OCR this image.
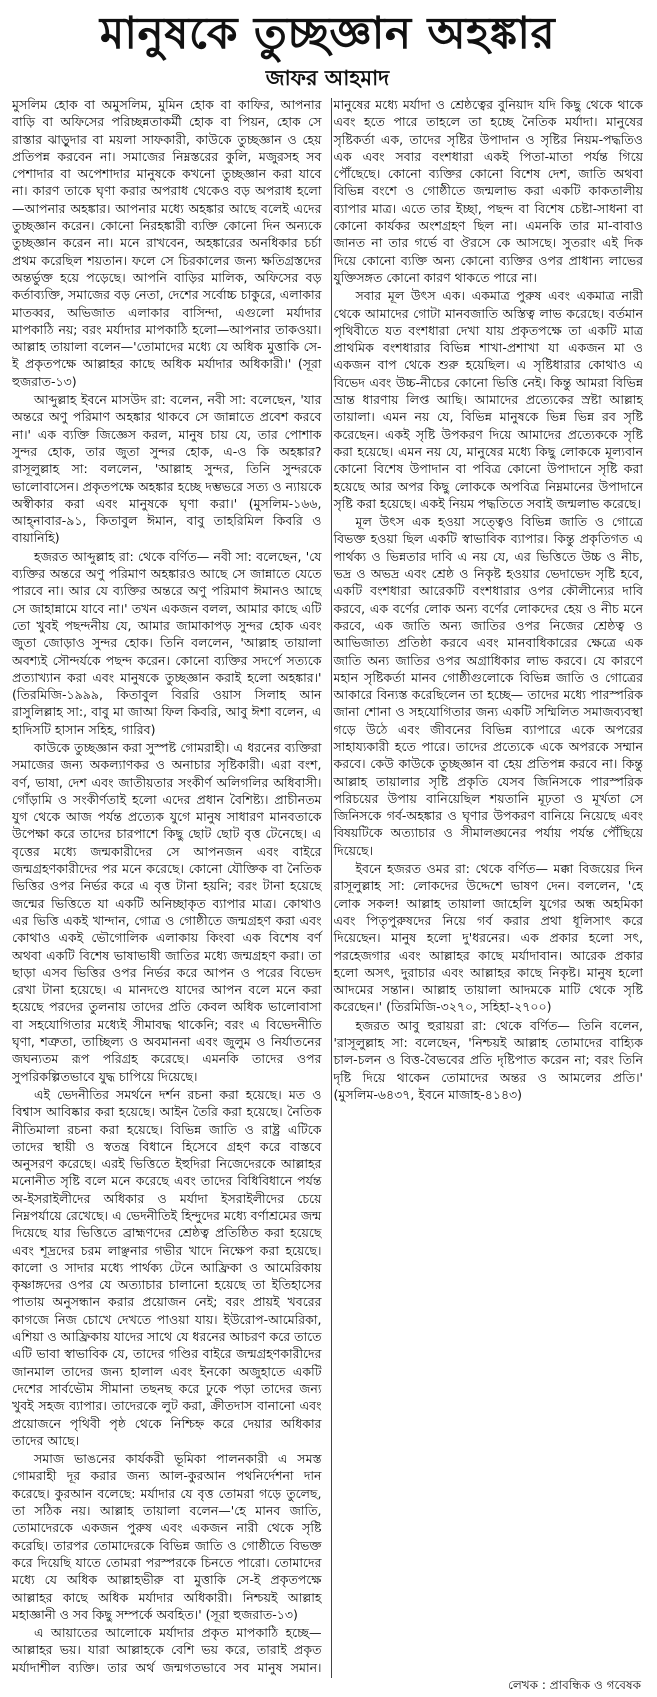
মানুষকে তুচ্ছজ্ঞান অহঙ্কার
জাফর আহমাদ

মুসলিম হোক বা অমুসলিম, মুমিন হোক বা কাফির, আপনার বাড়ি বা অফিসের পরিচ্ছন্নতাকর্মী হোক বা পিয়ন, হোক সে রাস্তার ঝাড়ুদার বা ময়লা সাফকারী, কাউকে তুচ্ছজ্ঞান ও হেয় প্রতিপন্ন করবেন না। সমাজের নিম্নস্তরের কুলি, মজুরসহ সব পেশাদার বা অপেশাদার মানুষকে কখনো তুচ্ছজ্ঞান করা যাবে না। কারণ তাকে ঘৃণা করার অপরাধ থেকেও বড় অপরাধ হলো—আপনার অহঙ্কার। আপনার মধ্যে অহঙ্কার আছে বলেই এদের তুচ্ছজ্ঞান করেন। কোনো নিরহঙ্কারী ব্যক্তি কোনো দিন অন্যকে তুচ্ছজ্ঞান করেন না। মনে রাখবেন, অহঙ্কারের অনধিকার চর্চা প্রথম করেছিল শয়তান। ফলে সে চিরকালের জন্য ক্ষতিগ্রস্তদের অন্তর্ভুক্ত হয়ে পড়েছে। আপনি বাড়ির মালিক, অফিসের বড় কর্তাব্যক্তি, সমাজের বড় নেতা, দেশের সর্বোচ্চ চাকুরে, এলাকার মাতব্বর, অভিজাত এলাকার বাসিন্দা, এগুলো মর্যাদার মাপকাঠি নয়; বরং মর্যাদার মাপকাঠি হলো—আপনার তাকওয়া। আল্লাহ তায়ালা বলেন—'তোমাদের মধ্যে যে অধিক মুত্তাকি সে-ই প্রকৃতপক্ষে আল্লাহর কাছে অধিক মর্যাদার অধিকারী।' (সূরা হুজরাত-১৩)

আব্দুল্লাহ ইবনে মাসউদ রা: বলেন, নবী সা: বলেছেন, 'যার অন্তরে অণু পরিমাণ অহঙ্কার থাকবে সে জান্নাতে প্রবেশ করবে না।' এক ব্যক্তি জিজ্ঞেস করল, মানুষ চায় যে, তার পোশাক সুন্দর হোক, তার জুতা সুন্দর হোক, এ-ও কি অহঙ্কার? রাসূলুল্লাহ সা: বললেন, 'আল্লাহ সুন্দর, তিনি সুন্দরকে ভালোবাসেন। প্রকৃতপক্ষে অহঙ্কার হচ্ছে দম্ভভরে সত্য ও ন্যায়কে অস্বীকার করা এবং মানুষকে ঘৃণা করা।' (মুসলিম-১৬৬, আহ্‌নাবার-৯১, কিতাবুল ঈমান, বাবু তাহরিমিল কিবরি ও বায়ানিহি)

হজরত আব্দুল্লাহ রা: থেকে বর্ণিত— নবী সা: বলেছেন, 'যে ব্যক্তির অন্তরে অণু পরিমাণ অহঙ্কারও আছে সে জান্নাতে যেতে পারবে না। আর যে ব্যক্তির অন্তরে অণু পরিমাণ ঈমানও আছে সে জাহান্নামে যাবে না।' তখন একজন বলল, আমার কাছে এটি তো খুবই পছন্দনীয় যে, আমার জামাকাপড় সুন্দর হোক এবং জুতা জোড়াও সুন্দর হোক। তিনি বললেন, 'আল্লাহ তায়ালা অবশ্যই সৌন্দর্যকে পছন্দ করেন। কোনো ব্যক্তির সদর্পে সত্যকে প্রত্যাখ্যান করা এবং মানুষকে তুচ্ছজ্ঞান করাই হলো অহঙ্কার।' (তিরমিজি-১৯৯৯, কিতাবুল বিররি ওয়াস সিলাহ আন রাসুলিল্লাহ সা:, বাবু মা জাআ ফিল কিবরি, আবু ঈশা বলেন, এ হাদিসটি হাসান সহিহ, গারিব)

কাউকে তুচ্ছজ্ঞান করা সুস্পষ্ট গোমরাহী। এ ধরনের ব্যক্তিরা সমাজের জন্য অকল্যাণকর ও অনাচার সৃষ্টিকারী। এরা বংশ, বর্ণ, ভাষা, দেশ এবং জাতীয়তার সংকীর্ণ অলিগলির অধিবাসী। গোঁড়ামি ও সংকীর্ণতাই হলো এদের প্রধান বৈশিষ্ট্য। প্রাচীনতম যুগ থেকে আজ পর্যন্ত প্রত্যেক যুগে মানুষ সাধারণ মানবতাকে উপেক্ষা করে তাদের চারপাশে কিছু ছোট ছোট বৃত্ত টেনেছে। এ বৃত্তের মধ্যে জন্মকারীদের সে আপনজন এবং বাইরে জন্মগ্রহণকারীদের পর মনে করেছে। কোনো যৌক্তিক বা নৈতিক ভিত্তির ওপর নির্ভর করে এ বৃত্ত টানা হয়নি; বরং টানা হয়েছে জন্মের ভিত্তিতে যা একটি অনিচ্ছাকৃত ব্যাপার মাত্র। কোথাও এর ভিত্তি একই খান্দান, গোত্র ও গোষ্ঠীতে জন্মগ্রহণ করা এবং কোথাও একই ভৌগোলিক এলাকায় কিংবা এক বিশেষ বর্ণ অথবা একটি বিশেষ ভাষাভাষী জাতির মধ্যে জন্মগ্রহণ করা। তা ছাড়া এসব ভিত্তির ওপর নির্ভর করে আপন ও পরের বিভেদ রেখা টানা হয়েছে। এ মানদণ্ডে যাদের আপন বলে মনে করা হয়েছে পরদের তুলনায় তাদের প্রতি কেবল অধিক ভালোবাসা বা সহযোগিতার মধ্যেই সীমাবদ্ধ থাকেনি; বরং এ বিভেদনীতি ঘৃণা, শত্রুতা, তাচ্ছিল্য ও অবমাননা এবং জুলুম ও নির্যাতনের জঘন্যতম রূপ পরিগ্রহ করেছে। এমনকি তাদের ওপর সুপরিকল্পিতভাবে যুদ্ধ চাপিয়ে দিয়েছে।

এই ভেদনীতির সমর্থনে দর্শন রচনা করা হয়েছে। মত ও বিশ্বাস আবিষ্কার করা হয়েছে। আইন তৈরি করা হয়েছে। নৈতিক নীতিমালা রচনা করা হয়েছে। বিভিন্ন জাতি ও রাষ্ট্র এটিকে তাদের স্থায়ী ও স্বতন্ত্র বিধানে হিসেবে গ্রহণ করে বাস্তবে অনুসরণ করেছে। এরই ভিত্তিতে ইহুদিরা নিজেদেরকে আল্লাহর মনোনীত সৃষ্টি বলে মনে করেছে এবং তাদের বিধিবিধানে পর্যন্ত অ-ইসরাইলীদের অধিকার ও মর্যাদা ইসরাইলীদের চেয়ে নিম্নপর্যায়ে রেখেছে। এ ভেদনীতিই হিন্দুদের মধ্যে বর্ণাশ্রমের জন্ম দিয়েছে যার ভিত্তিতে ব্রাহ্মণদের শ্রেষ্ঠত্ব প্রতিষ্ঠিত করা হয়েছে এবং শূদ্রদের চরম লাঞ্ছনার গভীর খাদে নিক্ষেপ করা হয়েছে। কালো ও সাদার মধ্যে পার্থক্য টেনে আফ্রিকা ও আমেরিকায় কৃষ্ণাঙ্গদের ওপর যে অত্যাচার চালানো হয়েছে তা ইতিহাসের পাতায় অনুসন্ধান করার প্রয়োজন নেই; বরং প্রায়ই খবরের কাগজে নিজ চোখে দেখতে পাওয়া যায়। ইউরোপ-আমেরিকা, এশিয়া ও আফ্রিকায় যাদের সাথে যে ধরনের আচরণ করে তাতে এটি ভাবা স্বাভাবিক যে, তাদের গণ্ডির বাইরে জন্মগ্রহণকারীদের জানমাল তাদের জন্য হালাল এবং ইনকো অজুহাতে একটি দেশের সার্বভৌম সীমানা তছনছ করে ঢুকে পড়া তাদের জন্য খুবই সহজ ব্যাপার। তাদেরকে লুট করা, ক্রীতদাস বানানো এবং প্রয়োজনে পৃথিবী পৃষ্ঠ থেকে নিশ্চিহ্ন করে দেয়ার অধিকার তাদের আছে।

সমাজ ভাঙনের কার্যকরী ভূমিকা পালনকারী এ সমস্ত গোমরাহী দূর করার জন্য আল-কুরআন পথনির্দেশনা দান করেছে। কুরআন বলেছে: মর্যাদার যে বৃত্ত তোমরা গড়ে তুলেছ, তা সঠিক নয়। আল্লাহ তায়ালা বলেন—'হে মানব জাতি, তোমাদেরকে একজন পুরুষ এবং একজন নারী থেকে সৃষ্টি করেছি। তারপর তোমাদেরকে বিভিন্ন জাতি ও গোষ্ঠীতে বিভক্ত করে দিয়েছি যাতে তোমরা পরস্পরকে চিনতে পারো। তোমাদের মধ্যে যে অধিক আল্লাহভীরু বা মুত্তাকি সে-ই প্রকৃতপক্ষে আল্লাহর কাছে অধিক মর্যাদার অধিকারী। নিশ্চয়ই আল্লাহ মহাজ্ঞানী ও সব কিছু সম্পর্কে অবহিত।' (সূরা হুজরাত-১৩)

এ আয়াতের আলোকে মর্যাদার প্রকৃত মাপকাঠি হচ্ছে— আল্লাহর ভয়। যারা আল্লাহকে বেশি ভয় করে, তারাই প্রকৃত মর্যাদাশীল ব্যক্তি। তার অর্থ জন্মগতভাবে সব মানুষ সমান। মানুষের মধ্যে মর্যাদা ও শ্রেষ্ঠত্বের বুনিয়াদ যদি কিছু থেকে থাকে এবং হতে পারে তাহলে তা হচ্ছে নৈতিক মর্যাদা। মানুষের সৃষ্টিকর্তা এক, তাদের সৃষ্টির উপাদান ও সৃষ্টির নিয়ম-পদ্ধতিও এক এবং সবার বংশধারা একই পিতা-মাতা পর্যন্ত গিয়ে পৌঁছেছে। কোনো ব্যক্তির কোনো বিশেষ দেশ, জাতি অথবা বিভিন্ন বংশে ও গোষ্ঠীতে জন্মলাভ করা একটি কাকতালীয় ব্যাপার মাত্র। এতে তার ইচ্ছা, পছন্দ বা বিশেষ চেষ্টা-সাধনা বা কোনো কার্যকর অংশগ্রহণ ছিল না। এমনকি তার মা-বাবাও জানত না তার গর্ভে বা ঔরসে কে আসছে। সুতরাং এই দিক দিয়ে কোনো ব্যক্তি অন্য কোনো ব্যক্তির ওপর প্রাধান্য লাভের যুক্তিসঙ্গত কোনো কারণ থাকতে পারে না।

সবার মূল উৎস এক। একমাত্র পুরুষ এবং একমাত্র নারী থেকে আমাদের গোটা মানবজাতি অস্তিত্ব লাভ করেছে। বর্তমান পৃথিবীতে যত বংশধারা দেখা যায় প্রকৃতপক্ষে তা একটি মাত্র প্রাথমিক বংশধারার বিভিন্ন শাখা-প্রশাখা যা একজন মা ও একজন বাপ থেকে শুরু হয়েছিল। এ সৃষ্টিধারার কোথাও এ বিভেদ এবং উচ্চ-নীচের কোনো ভিত্তি নেই। কিন্তু আমরা বিভিন্ন ভ্রান্ত ধারণায় লিপ্ত আছি। আমাদের প্রত্যেকের স্রষ্টা আল্লাহ তায়ালা। এমন নয় যে, বিভিন্ন মানুষকে ভিন্ন ভিন্ন রব সৃষ্টি করেছেন। একই সৃষ্টি উপকরণ দিয়ে আমাদের প্রত্যেককে সৃষ্টি করা হয়েছে। এমন নয় যে, মানুষের মধ্যে কিছু লোককে মূল্যবান কোনো বিশেষ উপাদান বা পবিত্র কোনো উপাদানে সৃষ্টি করা হয়েছে আর অপর কিছু লোককে অপবিত্র নিম্নমানের উপাদানে সৃষ্টি করা হয়েছে। একই নিয়ম পদ্ধতিতে সবাই জন্মলাভ করেছে।

মূল উৎস এক হওয়া সত্ত্বেও বিভিন্ন জাতি ও গোত্রে বিভক্ত হওয়া ছিল একটি স্বাভাবিক ব্যাপার। কিন্তু প্রকৃতিগত এ পার্থক্য ও ভিন্নতার দাবি এ নয় যে, এর ভিত্তিতে উচ্চ ও নীচ, ভদ্র ও অভদ্র এবং শ্রেষ্ঠ ও নিকৃষ্ট হওয়ার ভেদাভেদ সৃষ্টি হবে, একটি বংশধারা আরেকটি বংশধারার ওপর কৌলীন্যের দাবি করবে, এক বর্ণের লোক অন্য বর্ণের লোকদের হেয় ও নীচ মনে করবে, এক জাতি অন্য জাতির ওপর নিজের শ্রেষ্ঠত্ব ও আভিজাত্য প্রতিষ্ঠা করবে এবং মানবাধিকারের ক্ষেত্রে এক জাতি অন্য জাতির ওপর অগ্রাধিকার লাভ করবে। যে কারণে মহান সৃষ্টিকর্তা মানব গোষ্ঠীগুলোকে বিভিন্ন জাতি ও গোত্রের আকারে বিন্যস্ত করেছিলেন তা হচ্ছে— তাদের মধ্যে পারস্পরিক জানা শোনা ও সহযোগিতার জন্য একটি সম্মিলিত সমাজব্যবস্থা গড়ে উঠে এবং জীবনের বিভিন্ন ব্যাপারে একে অপরের সাহায্যকারী হতে পারে। তাদের প্রত্যেকে একে অপরকে সম্মান করবে। কেউ কাউকে তুচ্ছজ্ঞান বা হেয় প্রতিপন্ন করবে না। কিন্তু আল্লাহ তায়ালার সৃষ্টি প্রকৃতি যেসব জিনিসকে পারস্পরিক পরিচয়ের উপায় বানিয়েছিল শয়তানি মূঢ়তা ও মূর্খতা সে জিনিসকে গর্ব-অহঙ্কার ও ঘৃণার উপকরণ বানিয়ে নিয়েছে এবং বিষয়টিকে অত্যাচার ও সীমালঙ্ঘনের পর্যায় পর্যন্ত পৌঁছিয়ে দিয়েছে।

ইবনে হজরত ওমর রা: থেকে বর্ণিত— মক্কা বিজয়ের দিন রাসূলুল্লাহ সা: লোকদের উদ্দেশে ভাষণ দেন। বললেন, 'হে লোক সকল! আল্লাহ তায়ালা জাহেলি যুগের অন্ধ অহমিকা এবং পিতৃপুরুষদের নিয়ে গর্ব করার প্রথা ধূলিসাৎ করে দিয়েছেন। মানুষ হলো দু'ধরনের। এক প্রকার হলো সৎ, পরহেজগার এবং আল্লাহর কাছে মর্যাদাবান। আরেক প্রকার হলো অসৎ, দুরাচার এবং আল্লাহর কাছে নিকৃষ্ট। মানুষ হলো আদমের সন্তান। আল্লাহ তায়ালা আদমকে মাটি থেকে সৃষ্টি করেছেন।' (তিরমিজি-৩২৭০, সহিহা-২৭০০)

হজরত আবু হুরায়রা রা: থেকে বর্ণিত— তিনি বলেন, 'রাসূলুল্লাহ সা: বলেছেন, 'নিশ্চয়ই আল্লাহ তোমাদের বাহ্যিক চাল-চলন ও বিত্ত-বৈভবের প্রতি দৃষ্টিপাত করেন না; বরং তিনি দৃষ্টি দিয়ে থাকেন তোমাদের অন্তর ও আমলের প্রতি।' (মুসলিম-৬৪৩৭, ইবনে মাজাহ-৪১৪৩)

লেখক : প্রাবন্ধিক ও গবেষক
